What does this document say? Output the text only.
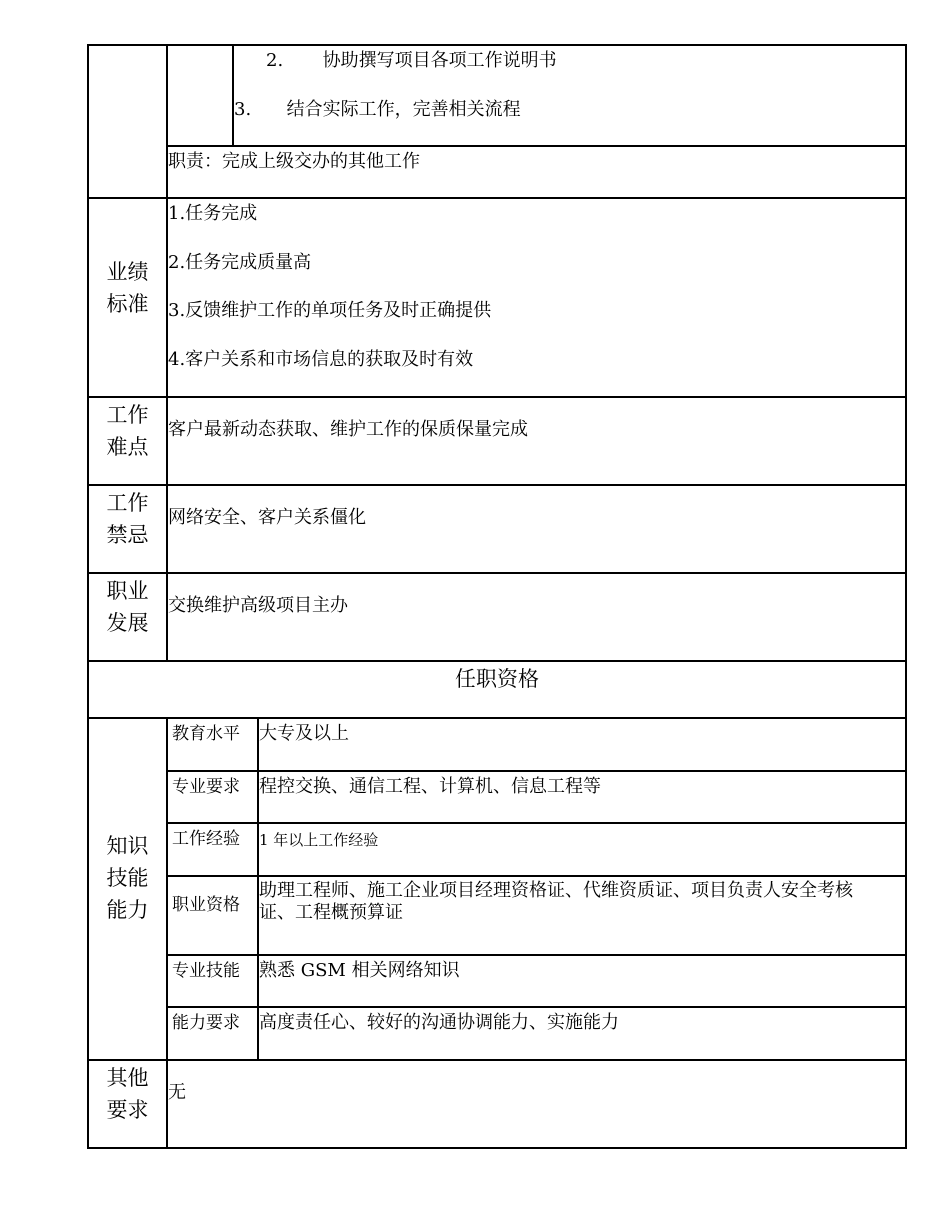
2. 协助撰写项目各项工作说明书
3. 结合实际工作，完善相关流程
职责：完成上级交办的其他工作
业绩
标准
1.任务完成
2.任务完成质量高
3.反馈维护工作的单项任务及时正确提供
4.客户关系和市场信息的获取及时有效
工作
难点
客户最新动态获取、维护工作的保质保量完成
工作
禁忌
网络安全、客户关系僵化
职业
发展
交换维护高级项目主办
任职资格
知识
技能
能力
教育水平 大专及以上
专业要求 程控交换、通信工程、计算机、信息工程等
工作经验 1 年以上工作经验
职业资格
助理工程师、施工企业项目经理资格证、代维资质证、项目负责人安全考核
证、工程概预算证
专业技能 熟悉 GSM 相关网络知识
能力要求 高度责任心、较好的沟通协调能力、实施能力
其他
要求
无
